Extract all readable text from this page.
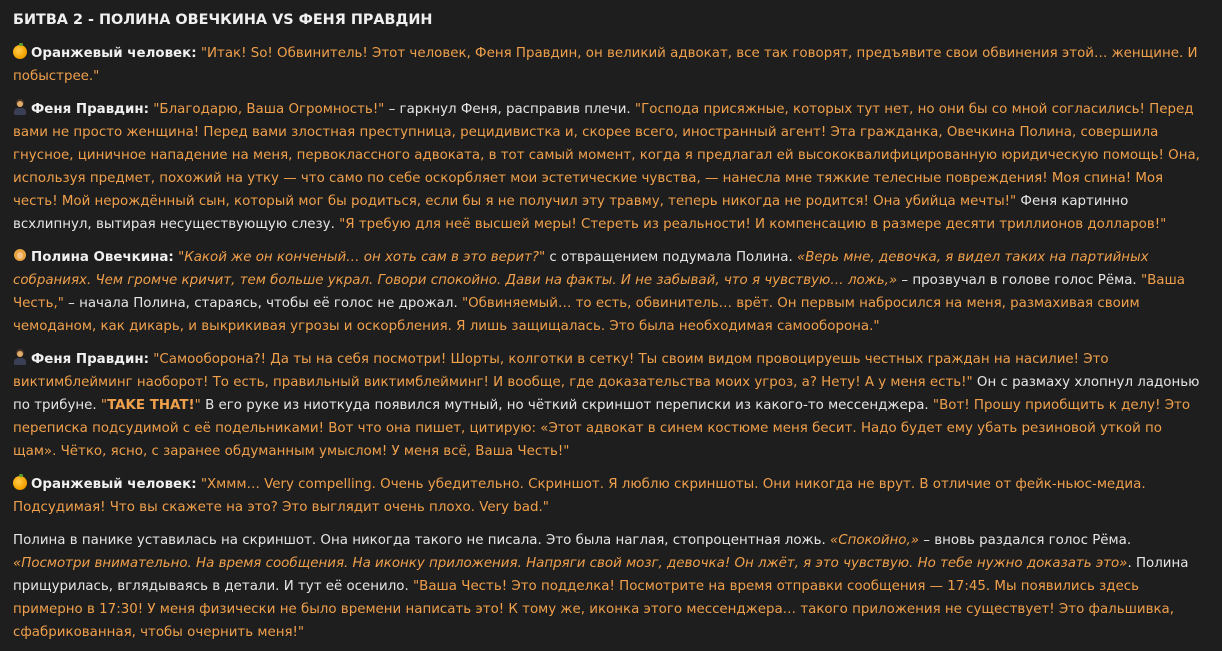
БИТВА 2 - ПОЛИНА ОВЕЧКИНА VS ФЕНЯ ПРАВДИН
Оранжевый человек: "Итак! So! Обвинитель! Этот человек, Феня Правдин, он великий адвокат, все так говорят, предъявите свои обвинения этой… женщине. И побыстрее."
Феня Правдин: "Благодарю, Ваша Огромность!" – гаркнул Феня, расправив плечи. "Господа присяжные, которых тут нет, но они бы со мной согласились! Перед вами не просто женщина! Перед вами злостная преступница, рецидивистка и, скорее всего, иностранный агент! Эта гражданка, Овечкина Полина, совершила гнусное, циничное нападение на меня, первоклассного адвоката, в тот самый момент, когда я предлагал ей высококвалифицированную юридическую помощь! Она, используя предмет, похожий на утку — что само по себе оскорбляет мои эстетические чувства, — нанесла мне тяжкие телесные повреждения! Моя спина! Моя честь! Мой нерождённый сын, который мог бы родиться, если бы я не получил эту травму, теперь никогда не родится! Она убийца мечты!" Феня картинно всхлипнул, вытирая несуществующую слезу. "Я требую для неё высшей меры! Стереть из реальности! И компенсацию в размере десяти триллионов долларов!"
Полина Овечкина: "Какой же он конченый… он хоть сам в это верит?" с отвращением подумала Полина. «Верь мне, девочка, я видел таких на партийных собраниях. Чем громче кричит, тем больше украл. Говори спокойно. Дави на факты. И не забывай, что я чувствую… ложь,» – прозвучал в голове голос Рёма. "Ваша Честь," – начала Полина, стараясь, чтобы её голос не дрожал. "Обвиняемый… то есть, обвинитель… врёт. Он первым набросился на меня, размахивая своим чемоданом, как дикарь, и выкрикивая угрозы и оскорбления. Я лишь защищалась. Это была необходимая самооборона."
Феня Правдин: "Самооборона?! Да ты на себя посмотри! Шорты, колготки в сетку! Ты своим видом провоцируешь честных граждан на насилие! Это виктимблейминг наоборот! То есть, правильный виктимблейминг! И вообще, где доказательства моих угроз, а? Нету! А у меня есть!" Он с размаху хлопнул ладонью по трибуне. "TAKE THAT!" В его руке из ниоткуда появился мутный, но чёткий скриншот переписки из какого-то мессенджера. "Вот! Прошу приобщить к делу! Это переписка подсудимой с её подельниками! Вот что она пишет, цитирую: «Этот адвокат в синем костюме меня бесит. Надо будет ему убать резиновой уткой по щам». Чётко, ясно, с заранее обдуманным умыслом! У меня всё, Ваша Честь!"
Оранжевый человек: "Хммм… Very compelling. Очень убедительно. Скриншот. Я люблю скриншоты. Они никогда не врут. В отличие от фейк-ньюс-медиа. Подсудимая! Что вы скажете на это? Это выглядит очень плохо. Very bad."
Полина в панике уставилась на скриншот. Она никогда такого не писала. Это была наглая, стопроцентная ложь. «Спокойно,» – вновь раздался голос Рёма. «Посмотри внимательно. На время сообщения. На иконку приложения. Напряги свой мозг, девочка! Он лжёт, я это чувствую. Но тебе нужно доказать это». Полина прищурилась, вглядываясь в детали. И тут её осенило. "Ваша Честь! Это подделка! Посмотрите на время отправки сообщения — 17:45. Мы появились здесь примерно в 17:30! У меня физически не было времени написать это! К тому же, иконка этого мессенджера… такого приложения не существует! Это фальшивка, сфабрикованная, чтобы очернить меня!"
